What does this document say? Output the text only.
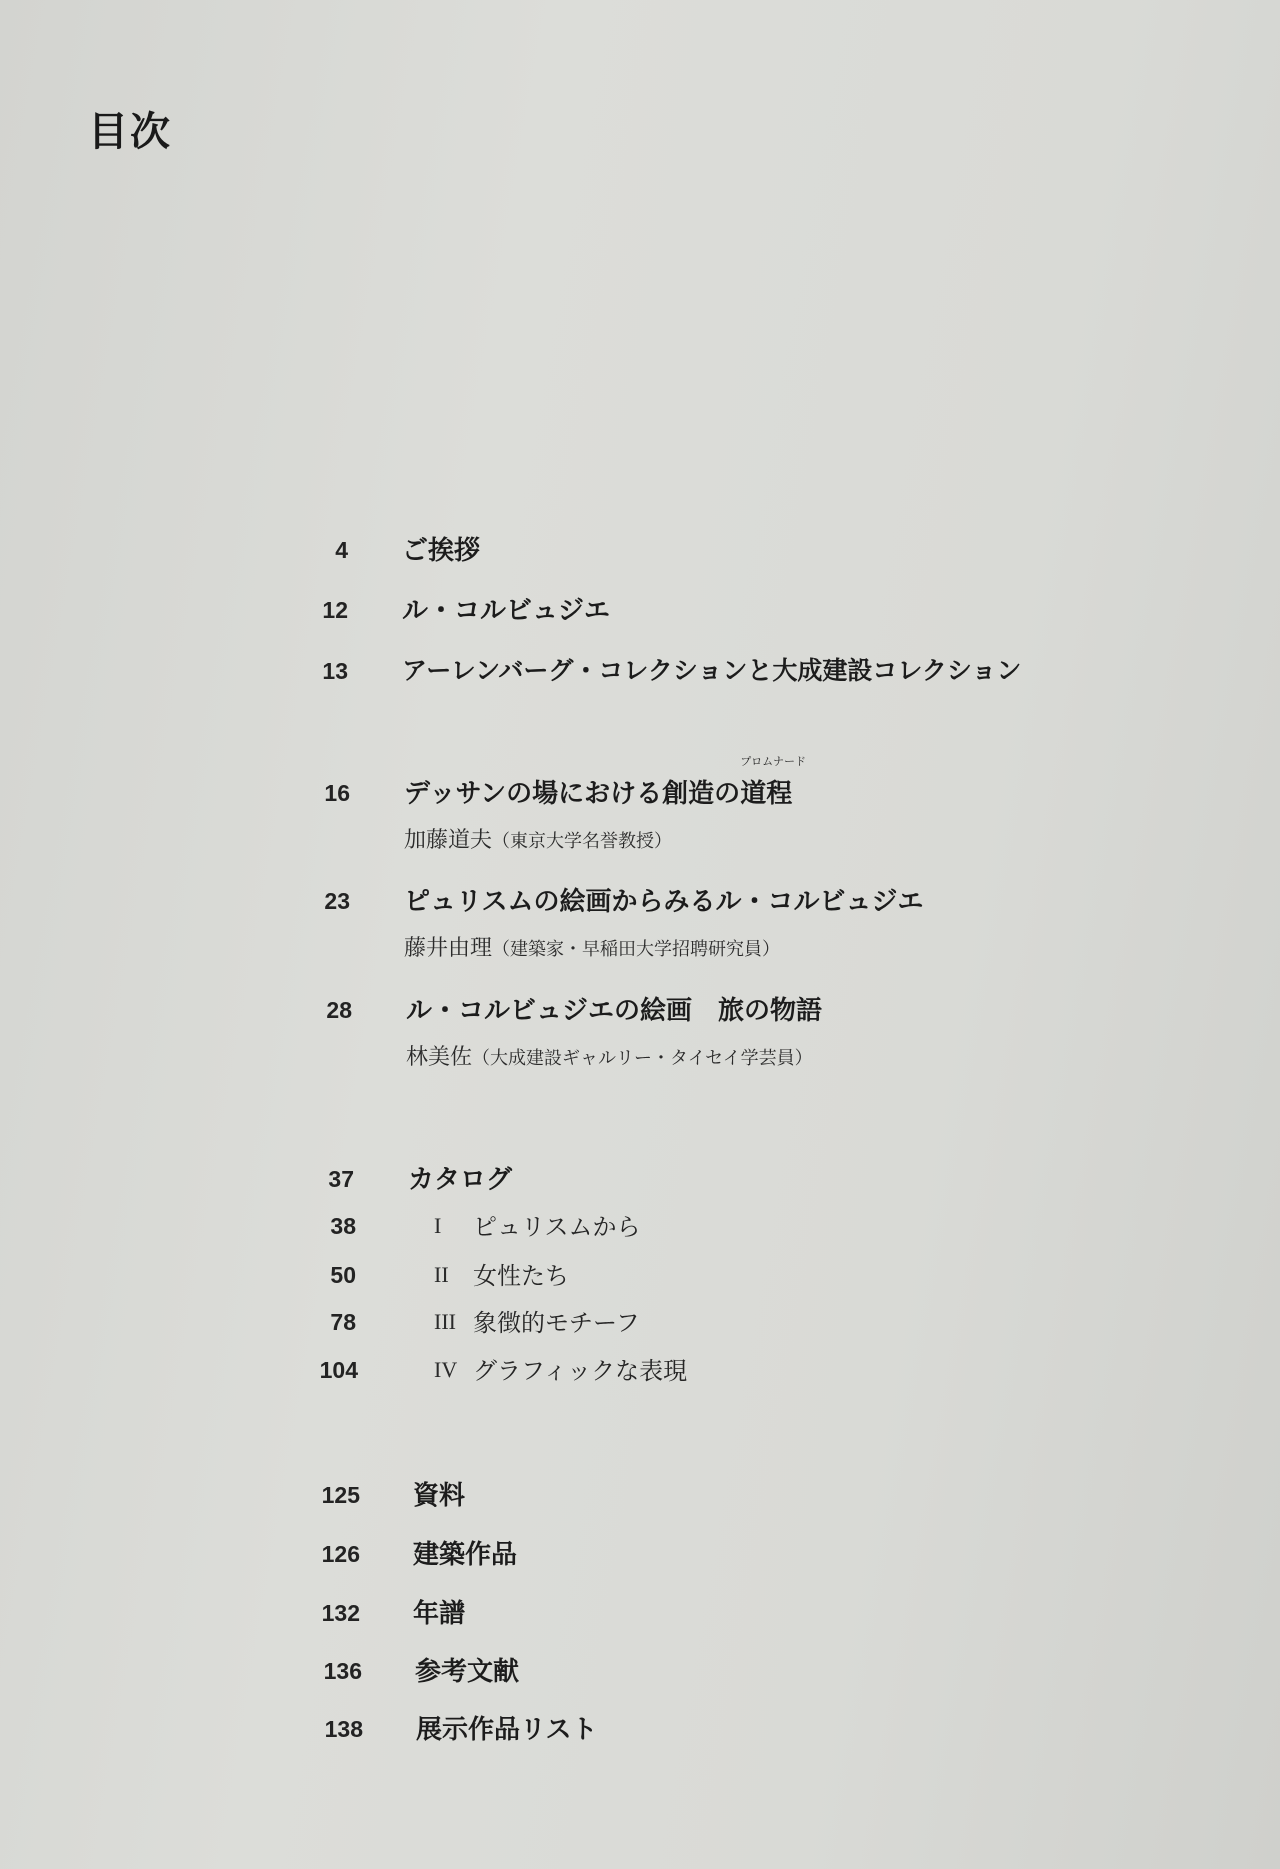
目次
4 ご挨拶
12 ル・コルビュジエ
13 アーレンバーグ・コレクションと大成建設コレクション
16 デッサンの場における創造の
プロムナード
道程
加藤道夫（東京大学名誉教授）
23 ピュリスムの絵画からみるル・コルビュジエ
藤井由理（建築家・早稲田大学招聘研究員）
28 ル・コルビュジエの絵画　旅の物語
林美佐（大成建設ギャルリー・タイセイ学芸員）
37 カタログ
38	I ピュリスムから
50	II 女性たち
78	III 象徴的モチーフ
104	IV グラフィックな表現
125 資料
126 建築作品
132 年譜
136 参考文献
138 展示作品リスト
